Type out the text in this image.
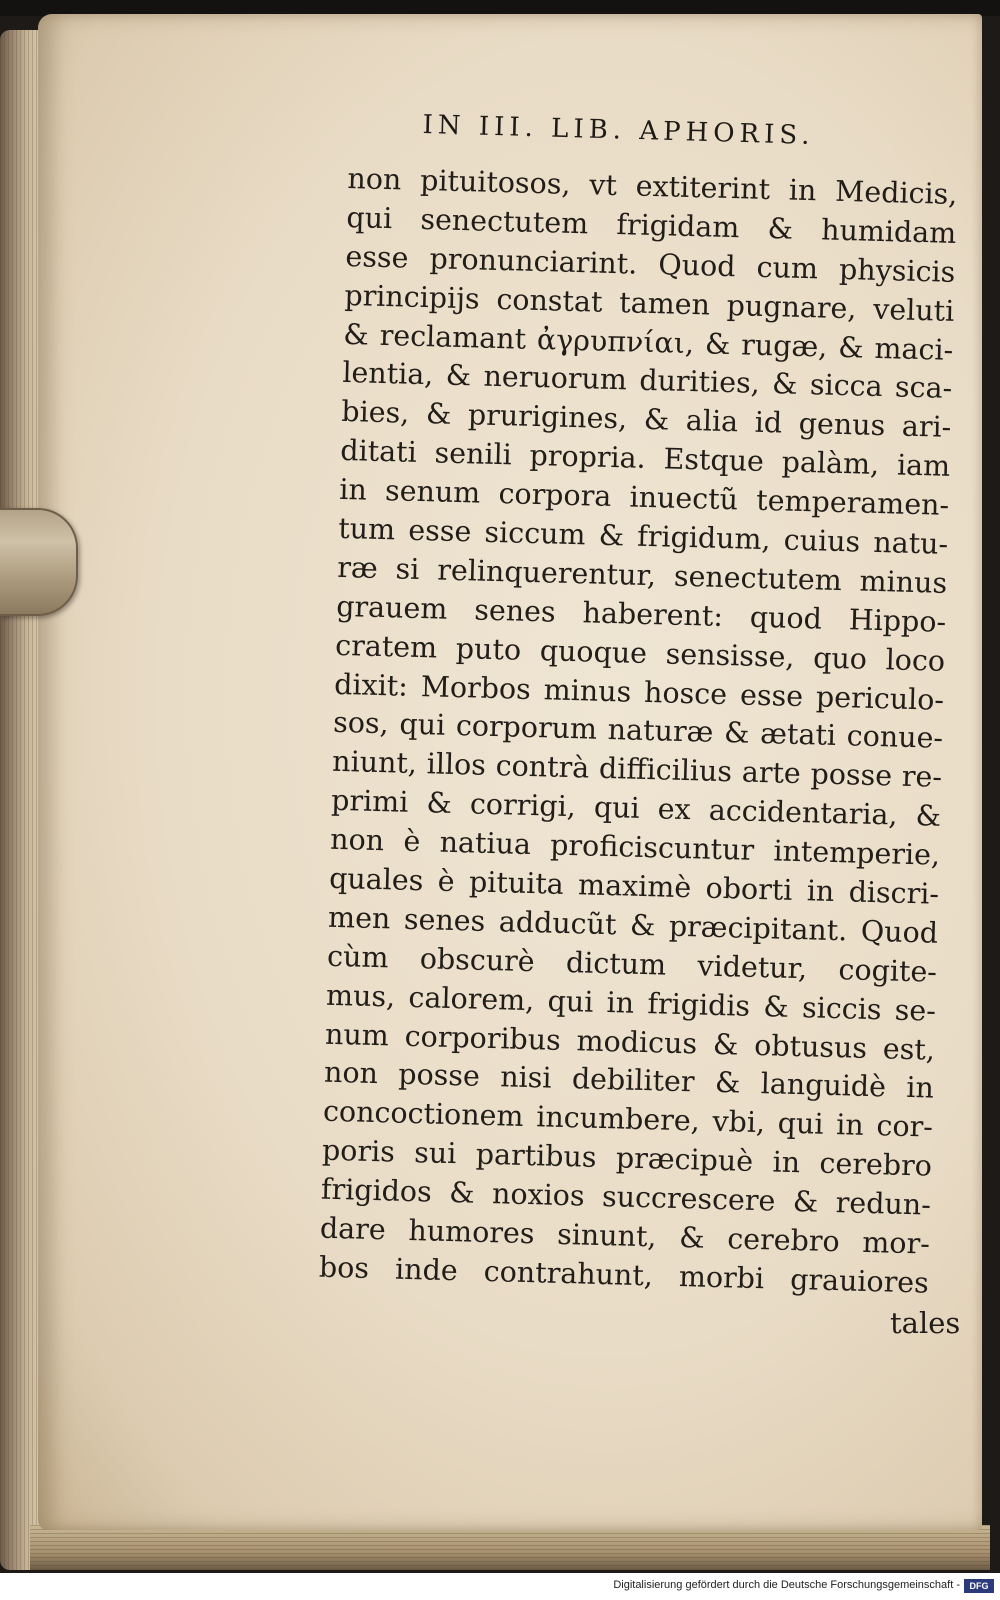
IN III. LIB. APHORIS.
non pituitosos, vt extiterint in Medicis,
qui senectutem frigidam & humidam
esse pronunciarint. Quod cum physicis
principijs constat tamen pugnare, veluti
& reclamant ἀγρυπνίαι, & rugæ, & maci-
lentia, & neruorum durities, & sicca sca-
bies, & prurigines, & alia id genus ari-
ditati senili propria. Estque palàm, iam
in senum corpora inuectũ temperamen-
tum esse siccum & frigidum, cuius natu-
ræ si relinquerentur, senectutem minus
grauem senes haberent: quod Hippo-
cratem puto quoque sensisse, quo loco
dixit: Morbos minus hosce esse periculo-
sos, qui corporum naturæ & ætati conue-
niunt, illos contrà difficilius arte posse re-
primi & corrigi, qui ex accidentaria, &
non è natiua proficiscuntur intemperie,
quales è pituita maximè oborti in discri-
men senes adducũt & præcipitant. Quod
cùm obscurè dictum videtur, cogite-
mus, calorem, qui in frigidis & siccis se-
num corporibus modicus & obtusus est,
non posse nisi debiliter & languidè in
concoctionem incumbere, vbi, qui in cor-
poris sui partibus præcipuè in cerebro
frigidos & noxios succrescere & redun-
dare humores sinunt, & cerebro mor-
bos inde contrahunt, morbi grauiores
tales
Digitalisierung gefördert durch die Deutsche Forschungsgemeinschaft -	DFG
